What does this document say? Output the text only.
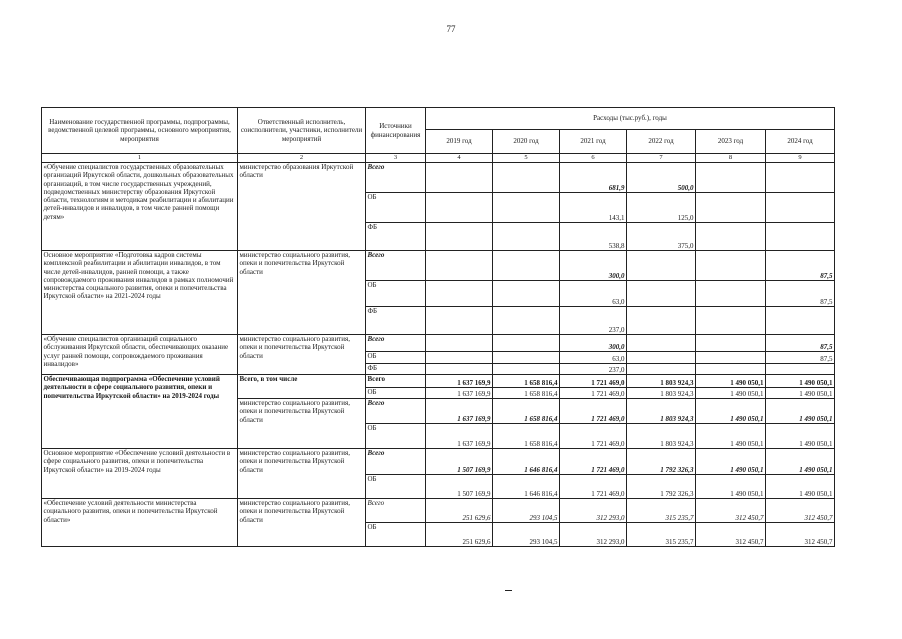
77
Наименование государственной программы, подпрограммы, ведомственной целевой программы, основного мероприятия, мероприятия	Ответственный исполнитель, соисполнители, участники, исполнители мероприятий	Источники финансирования	Расходы (тыс.руб.), годы					
			2019 год	2020 год	2021 год	2022 год	2023 год	2024 год
1	2	3	4	5	6	7	8	9
«Обучение специалистов государственных образовательных организаций Иркутской области, дошкольных образовательных организаций, в том числе государственных учреждений, подведомственных министерству образования Иркутской области, технологиям и методикам реабилитации и абилитации детей-инвалидов и инвалидов, в том числе ранней помощи детям»	министерство образования Иркутской области	Всего			681,9	500,0		
		ОБ			143,1	125,0		
		ФБ			538,8	375,0		
Основное мероприятие «Подготовка кадров системы комплексной реабилитации и абилитации инвалидов, в том числе детей-инвалидов, ранней помощи, а также сопровождаемого проживания инвалидов в рамках полномочий министерства социального развития, опеки и попечительства Иркутской области» на 2021-2024 годы	министерство социального развития, опеки и попечительства Иркутской области	Всего			300,0			87,5
		ОБ			63,0			87,5
		ФБ			237,0			
«Обучение специалистов организаций социального обслуживания Иркутской области, обеспечивающих оказание услуг ранней помощи, сопровождаемого проживания инвалидов»	министерство социального развития, опеки и попечительства Иркутской области	Всего			300,0			87,5
		ОБ			63,0			87,5
		ФБ			237,0			
Обеспечивающая подпрограмма «Обеспечение условий деятельности в сфере социального развития, опеки и попечительства Иркутской области» на 2019-2024 годы	Всего, в том числе	Всего	1 637 169,9	1 658 816,4	1 721 469,0	1 803 924,3	1 490 050,1	1 490 050,1
		ОБ	1 637 169,9	1 658 816,4	1 721 469,0	1 803 924,3	1 490 050,1	1 490 050,1
	министерство социального развития, опеки и попечительства Иркутской области	Всего	1 637 169,9	1 658 816,4	1 721 469,0	1 803 924,3	1 490 050,1	1 490 050,1
		ОБ	1 637 169,9	1 658 816,4	1 721 469,0	1 803 924,3	1 490 050,1	1 490 050,1
Основное мероприятие «Обеспечение условий деятельности в сфере социального развития, опеки и попечительства Иркутской области» на 2019-2024 годы	министерство социального развития, опеки и попечительства Иркутской области	Всего	1 507 169,9	1 646 816,4	1 721 469,0	1 792 326,3	1 490 050,1	1 490 050,1
		ОБ	1 507 169,9	1 646 816,4	1 721 469,0	1 792 326,3	1 490 050,1	1 490 050,1
«Обеспечение условий деятельности министерства социального развития, опеки и попечительства Иркутской области»	министерство социального развития, опеки и попечительства Иркутской области	Всего	251 629,6	293 104,5	312 293,0	315 235,7	312 450,7	312 450,7
		ОБ	251 629,6	293 104,5	312 293,0	315 235,7	312 450,7	312 450,7
